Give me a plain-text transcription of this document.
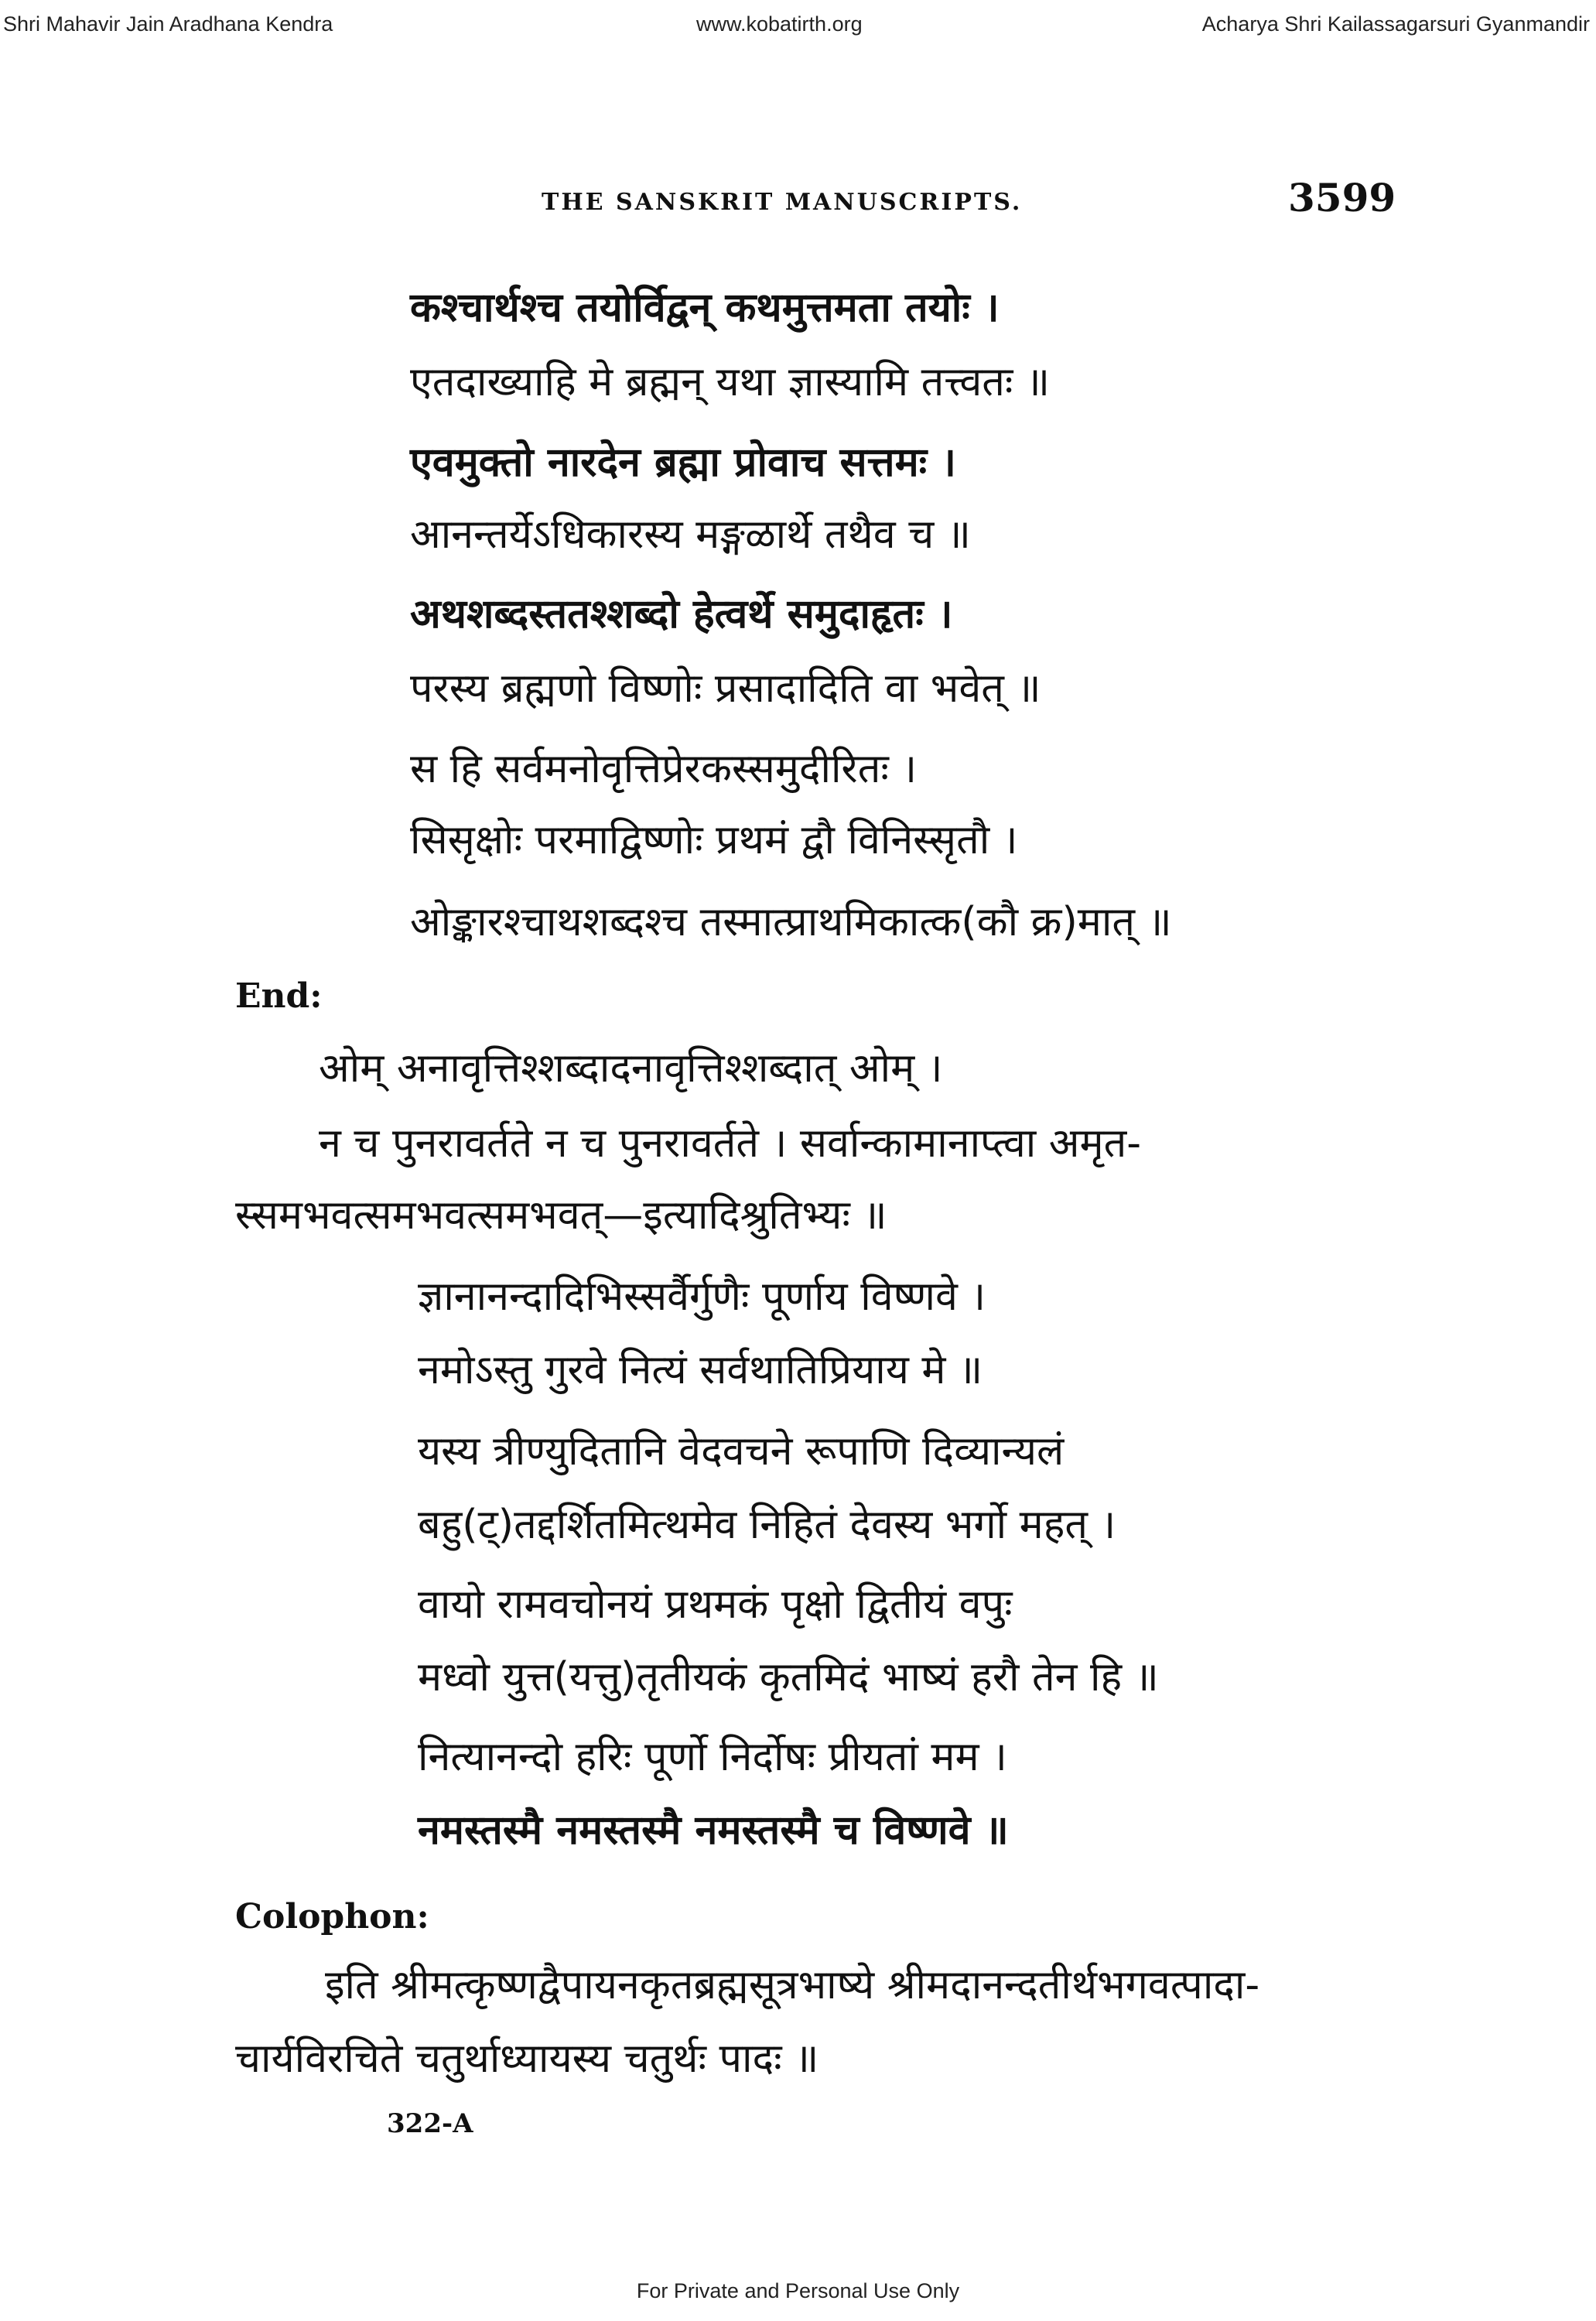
Shri Mahavir Jain Aradhana Kendra	www.kobatirth.org	Acharya Shri Kailassagarsuri Gyanmandir
THE SANSKRIT MANUSCRIPTS.	3599
कश्चार्थश्च तयोर्विद्वन् कथमुत्तमता तयोः ।
एतदाख्याहि मे ब्रह्मन् यथा ज्ञास्यामि तत्त्वतः ॥
एवमुक्तो नारदेन ब्रह्मा प्रोवाच सत्तमः ।
आनन्तर्येऽधिकारस्य मङ्गळार्थे तथैव च ॥
अथशब्दस्ततश्शब्दो हेत्वर्थे समुदाहृतः ।
परस्य ब्रह्मणो विष्णोः प्रसादादिति वा भवेत् ॥
स हि सर्वमनोवृत्तिप्रेरकस्समुदीरितः ।
सिसृक्षोः परमाद्विष्णोः प्रथमं द्वौ विनिस्सृतौ ।
ओङ्कारश्चाथशब्दश्च तस्मात्प्राथमिकात्क(कौ क्र)मात् ॥
End:
ओम् अनावृत्तिश्शब्दादनावृत्तिश्शब्दात् ओम् ।
न च पुनरावर्तते न च पुनरावर्तते । सर्वान्कामानाप्त्वा अमृत-
स्समभवत्समभवत्समभवत्—इत्यादिश्रुतिभ्यः ॥
ज्ञानानन्दादिभिस्सर्वैर्गुणैः पूर्णाय विष्णवे ।
नमोऽस्तु गुरवे नित्यं सर्वथातिप्रियाय मे ॥
यस्य त्रीण्युदितानि वेदवचने रूपाणि दिव्यान्यलं
बहु(ट्)तद्दर्शितमित्थमेव निहितं देवस्य भर्गो महत् ।
वायो रामवचोनयं प्रथमकं पृक्षो द्वितीयं वपुः
मध्वो युत्त(यत्तु)तृतीयकं कृतमिदं भाष्यं हरौ तेन हि ॥
नित्यानन्दो हरिः पूर्णो निर्दोषः प्रीयतां मम ।
नमस्तस्मै नमस्तस्मै नमस्तस्मै च विष्णवे ॥
Colophon:
इति श्रीमत्कृष्णद्वैपायनकृतब्रह्मसूत्रभाष्ये श्रीमदानन्दतीर्थभगवत्पादा-
चार्यविरचिते चतुर्थाध्यायस्य चतुर्थः पादः ॥
322-A
For Private and Personal Use Only
